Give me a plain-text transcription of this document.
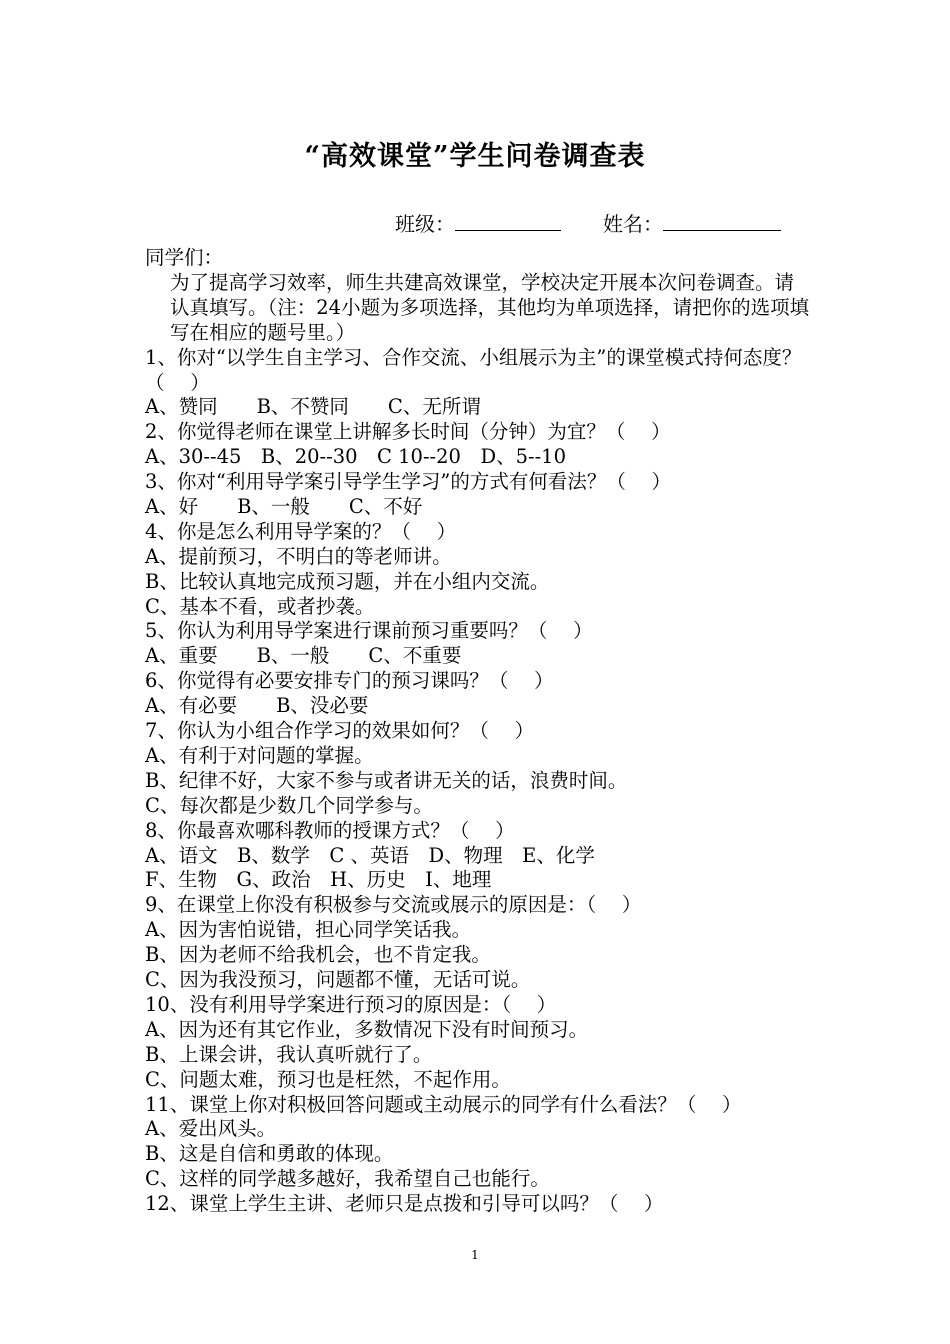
“高效课堂”学生问卷调查表
班级：	姓名：
同学们：
为了提高学习效率，师生共建高效课堂，学校决定开展本次问卷调查。请认真填写。（注：24小题为多项选择，其他均为单项选择，请把你的选项填写在相应的题号里。）
1、你对“以学生自主学习、合作交流、小组展示为主”的课堂模式持何态度？（　 ）
A、赞同　　B、不赞同　　C、无所谓
2、你觉得老师在课堂上讲解多长时间（分钟）为宜？（　 ）
A、30--45　B、20--30　C 10--20　D、5--10
3、你对“利用导学案引导学生学习”的方式有何看法？（　 ）
A、好　　B、一般　　C、不好
4、你是怎么利用导学案的？（　 ）
A、提前预习，不明白的等老师讲。
B、比较认真地完成预习题，并在小组内交流。
C、基本不看，或者抄袭。
5、你认为利用导学案进行课前预习重要吗？（　 ）
A、重要　　B、一般　　C、不重要
6、你觉得有必要安排专门的预习课吗？（　 ）
A、有必要　　B、没必要
7、你认为小组合作学习的效果如何？（　 ）
A、有利于对问题的掌握。
B、纪律不好，大家不参与或者讲无关的话，浪费时间。
C、每次都是少数几个同学参与。
8、你最喜欢哪科教师的授课方式？（　 ）
A、语文　B、数学　C 、英语　D、物理　E、化学
F、生物　G、政治　H、历史　I、地理
9、在课堂上你没有积极参与交流或展示的原因是：（　 ）
A、因为害怕说错，担心同学笑话我。
B、因为老师不给我机会，也不肯定我。
C、因为我没预习，问题都不懂，无话可说。
10、没有利用导学案进行预习的原因是：（　 ）
A、因为还有其它作业，多数情况下没有时间预习。
B、上课会讲，我认真听就行了。
C、问题太难，预习也是枉然，不起作用。
11、课堂上你对积极回答问题或主动展示的同学有什么看法？（　 ）
A、爱出风头。
B、这是自信和勇敢的体现。
C、这样的同学越多越好，我希望自己也能行。
12、课堂上学生主讲、老师只是点拨和引导可以吗？（　 ）
1
